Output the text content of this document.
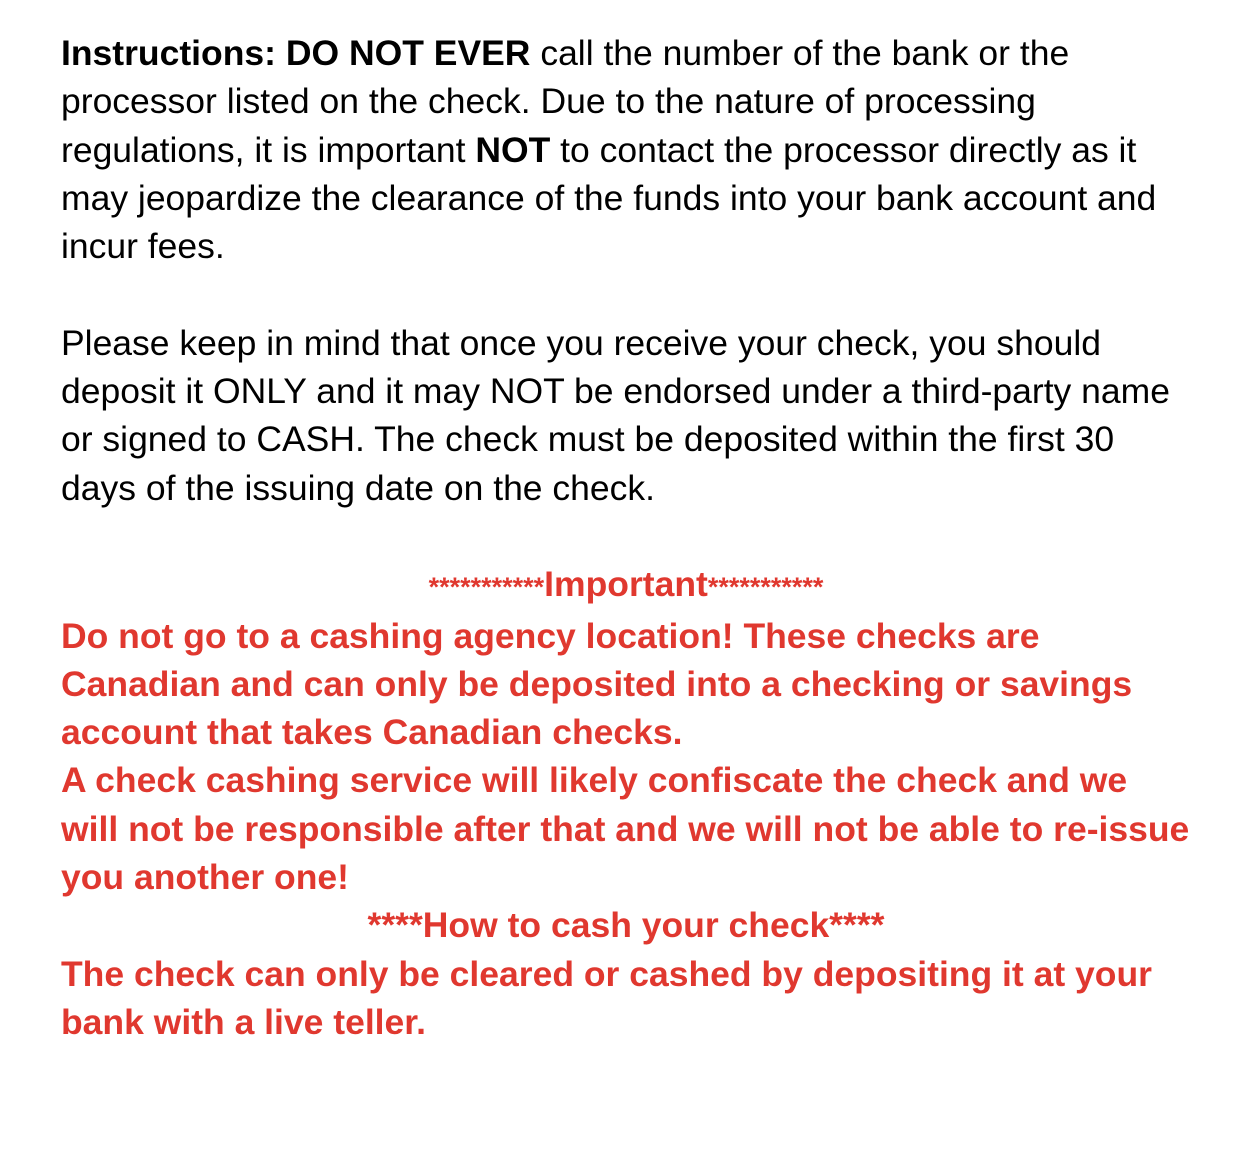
Instructions: DO NOT EVER call the number of the bank or the processor listed on the check. Due to the nature of processing regulations, it is important NOT to contact the processor directly as it may jeopardize the clearance of the funds into your bank account and incur fees.

Please keep in mind that once you receive your check, you should deposit it ONLY and it may NOT be endorsed under a third-party name or signed to CASH. The check must be deposited within the first 30 days of the issuing date on the check.

***********Important***********

Do not go to a cashing agency location! These checks are Canadian and can only be deposited into a checking or savings account that takes Canadian checks.

A check cashing service will likely confiscate the check and we will not be responsible after that and we will not be able to re-issue you another one!

****How to cash your check****

The check can only be cleared or cashed by depositing it at your bank with a live teller.
